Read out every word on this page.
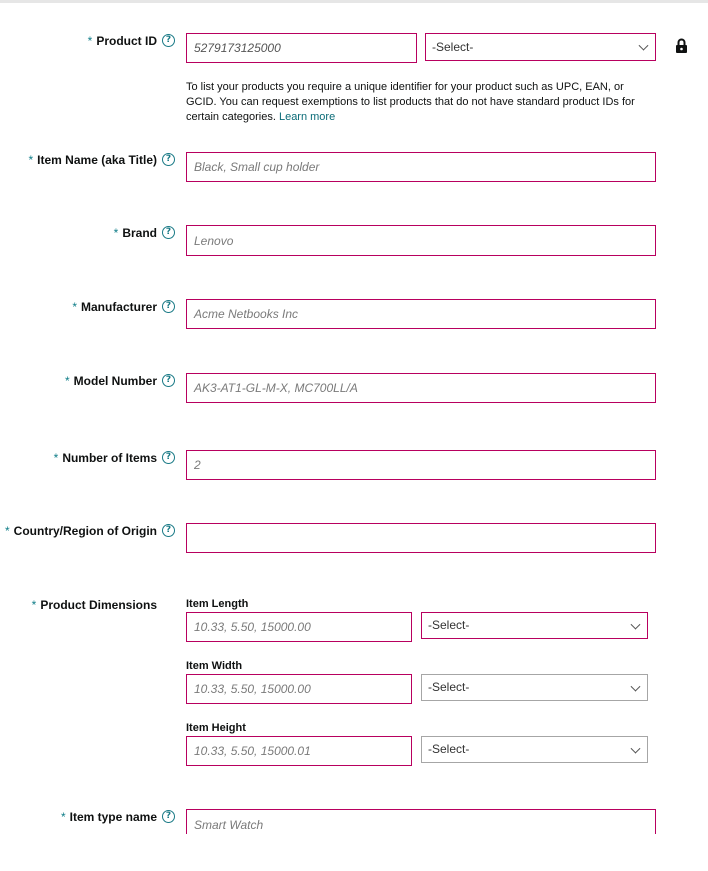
* Product ID ?
5279173125000	-Select-
To list your products you require a unique identifier for your product such as UPC, EAN, or GCID. You can request exemptions to list products that do not have standard product IDs for certain categories. Learn more
* Item Name (aka Title) ?
Black, Small cup holder
* Brand ?
Lenovo
* Manufacturer ?
Acme Netbooks Inc
* Model Number ?
AK3-AT1-GL-M-X, MC700LL/A
* Number of Items ?
2
* Country/Region of Origin ?
* Product Dimensions	Item Length
10.33, 5.50, 15000.00	-Select-
Item Width
10.33, 5.50, 15000.00	-Select-
Item Height
10.33, 5.50, 15000.01	-Select-
* Item type name ?
Smart Watch
